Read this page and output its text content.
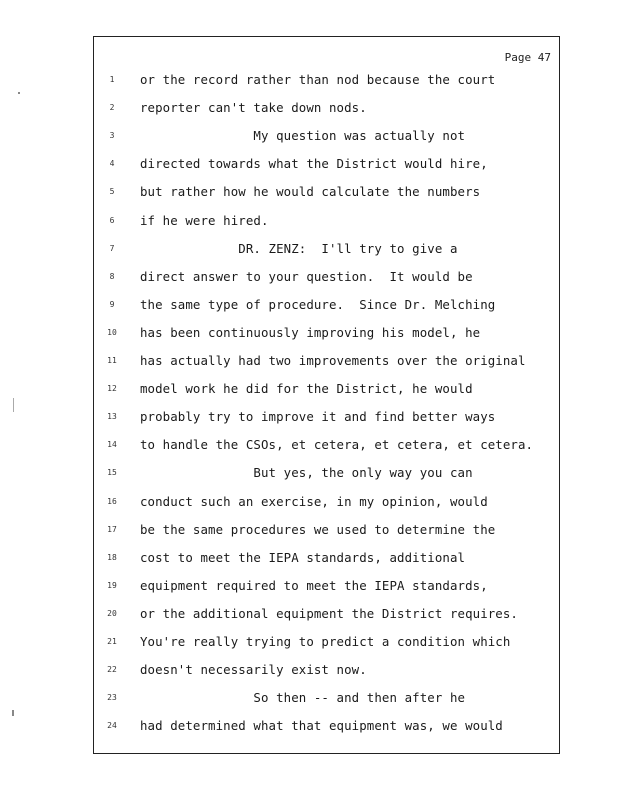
Page 47
1	or the record rather than nod because the court
2	reporter can't take down nods.
3	My question was actually not
4	directed towards what the District would hire,
5	but rather how he would calculate the numbers
6	if he were hired.
7	DR. ZENZ:  I'll try to give a
8	direct answer to your question.  It would be
9	the same type of procedure.  Since Dr. Melching
10	has been continuously improving his model, he
11	has actually had two improvements over the original
12	model work he did for the District, he would
13	probably try to improve it and find better ways
14	to handle the CSOs, et cetera, et cetera, et cetera.
15	But yes, the only way you can
16	conduct such an exercise, in my opinion, would
17	be the same procedures we used to determine the
18	cost to meet the IEPA standards, additional
19	equipment required to meet the IEPA standards,
20	or the additional equipment the District requires.
21	You're really trying to predict a condition which
22	doesn't necessarily exist now.
23	So then -- and then after he
24	had determined what that equipment was, we would
